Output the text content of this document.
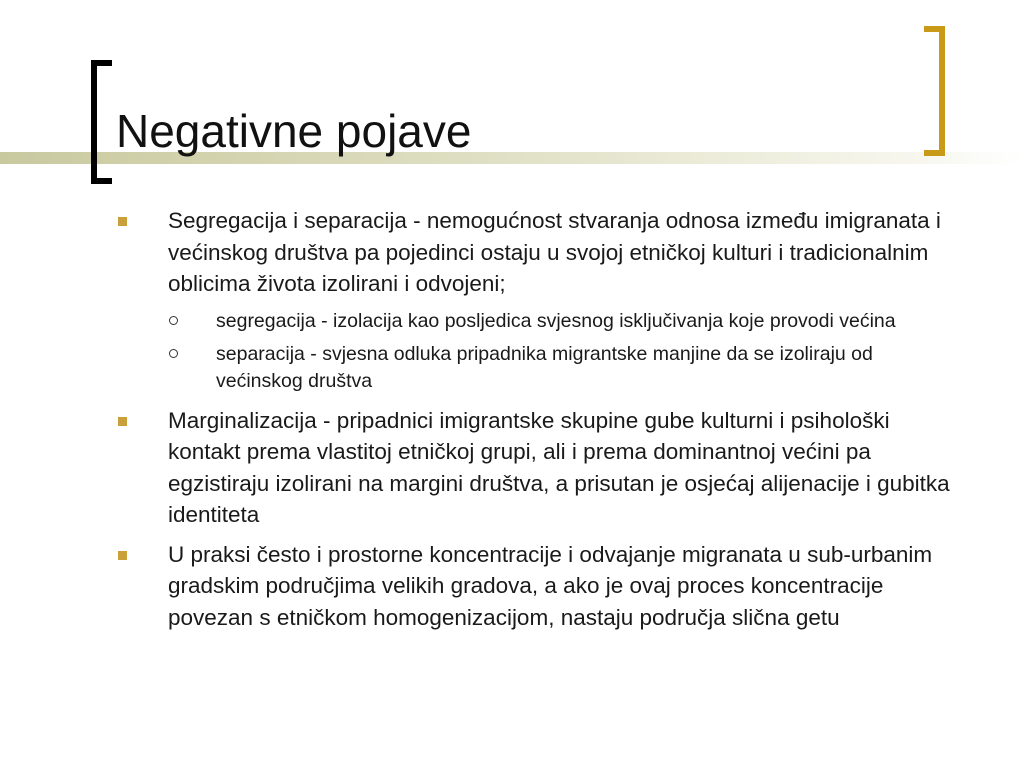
Negativne pojave
Segregacija i separacija - nemogućnost stvaranja odnosa između imigranata i većinskog društva pa pojedinci ostaju u svojoj etničkoj kulturi i tradicionalnim oblicima života izolirani i odvojeni;
segregacija - izolacija kao posljedica svjesnog isključivanja koje provodi većina
separacija - svjesna odluka pripadnika migrantske manjine da se izoliraju od većinskog društva
Marginalizacija - pripadnici imigrantske skupine gube kulturni i psihološki kontakt prema vlastitoj etničkoj grupi, ali i prema dominantnoj većini pa egzistiraju izolirani na margini društva, a prisutan je osjećaj alijenacije i gubitka identiteta
U praksi često i prostorne koncentracije i odvajanje migranata u sub-urbanim gradskim područjima velikih gradova, a ako je ovaj proces koncentracije povezan s etničkom homogenizacijom, nastaju područja slična getu
